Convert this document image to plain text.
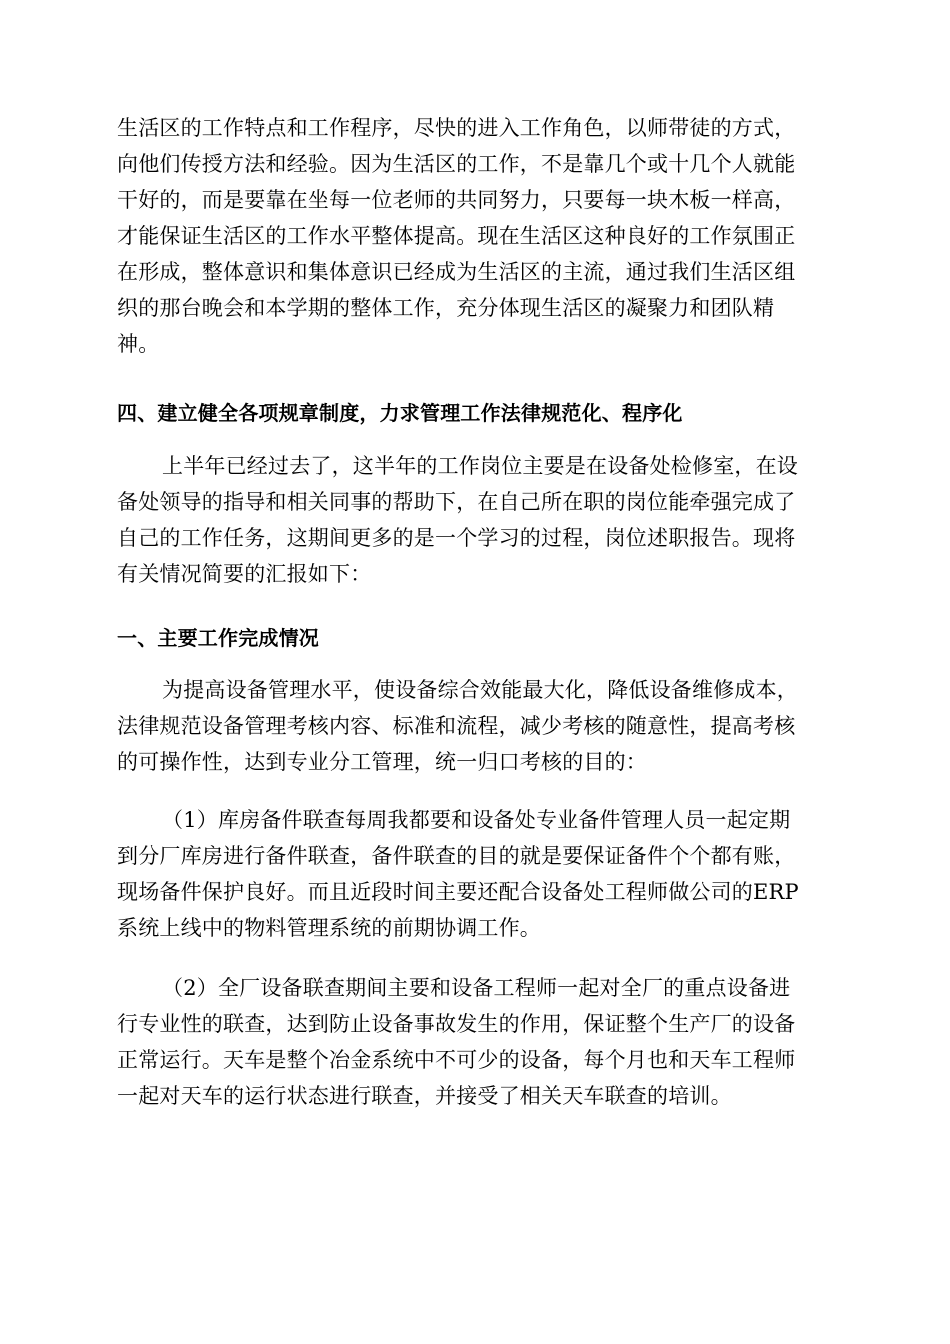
生活区的工作特点和工作程序，尽快的进入工作角色，以师带徒的方式，
向他们传授方法和经验。因为生活区的工作，不是靠几个或十几个人就能
干好的，而是要靠在坐每一位老师的共同努力，只要每一块木板一样高，
才能保证生活区的工作水平整体提高。现在生活区这种良好的工作氛围正
在形成，整体意识和集体意识已经成为生活区的主流，通过我们生活区组
织的那台晚会和本学期的整体工作，充分体现生活区的凝聚力和团队精
神。
四、建立健全各项规章制度，力求管理工作法律规范化、程序化
上半年已经过去了，这半年的工作岗位主要是在设备处检修室，在设
备处领导的指导和相关同事的帮助下，在自己所在职的岗位能牵强完成了
自己的工作任务，这期间更多的是一个学习的过程，岗位述职报告。现将
有关情况简要的汇报如下：
一、主要工作完成情况
为提高设备管理水平，使设备综合效能最大化，降低设备维修成本，
法律规范设备管理考核内容、标准和流程，减少考核的随意性，提高考核
的可操作性，达到专业分工管理，统一归口考核的目的：
（1）库房备件联查每周我都要和设备处专业备件管理人员一起定期
到分厂库房进行备件联查，备件联查的目的就是要保证备件个个都有账，
现场备件保护良好。而且近段时间主要还配合设备处工程师做公司的ERP
系统上线中的物料管理系统的前期协调工作。
（2）全厂设备联查期间主要和设备工程师一起对全厂的重点设备进
行专业性的联查，达到防止设备事故发生的作用，保证整个生产厂的设备
正常运行。天车是整个冶金系统中不可少的设备，每个月也和天车工程师
一起对天车的运行状态进行联查，并接受了相关天车联查的培训。
